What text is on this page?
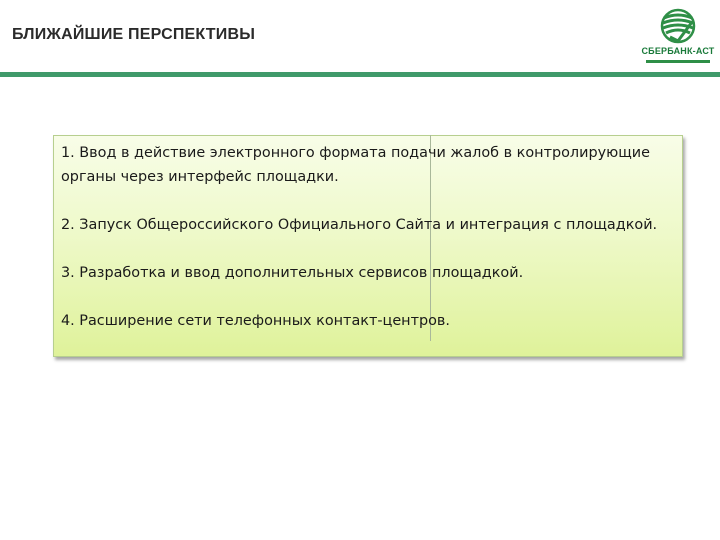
БЛИЖАЙШИЕ ПЕРСПЕКТИВЫ
СБЕРБАНК-АСТ
1. Ввод в действие электронного формата подачи жалоб в контролирующие органы через интерфейс площадки.
2. Запуск Общероссийского Официального Сайта и интеграция с площадкой.
3. Разработка и ввод дополнительных сервисов площадкой.
4. Расширение сети телефонных контакт-центров.
